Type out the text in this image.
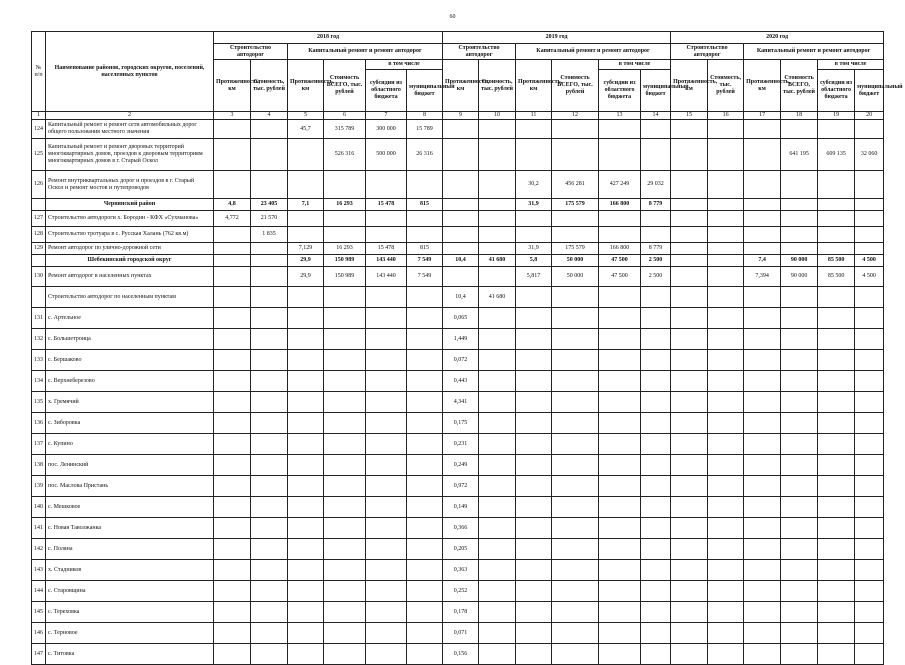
60
№ п/п	Наименование районов, городских округов, поселений, населенных пунктов	2018 год						2019 год						2020 год					
		Строительство автодорог		Капитальный ремонт и ремонт автодорог				Строительство автодорог		Капитальный ремонт и ремонт автодорог				Строительство автодорог		Капитальный ремонт и ремонт автодорог			
		Протяженность, км	Стоимость, тыс. рублей	Протяженность, км	Стоимость ВСЕГО, тыс. рублей	в том числе		Протяженность, км	Стоимость, тыс. рублей	Протяженность, км	Стоимость ВСЕГО, тыс. рублей	в том числе		Протяженность, км	Стоимость, тыс. рублей	Протяженность, км	Стоимость ВСЕГО, тыс. рублей	в том числе	
						субсидии из областного бюджета	муниципальный бюджет					субсидии из областного бюджета	муниципальный бюджет					субсидии из областного бюджета	муниципальный бюджет
1	2	3	4	5	6	7	8	9	10	11	12	13	14	15	16	17	18	19	20
124	Капитальный ремонт и ремонт сети автомобильных дорог общего пользования местного значения			45,7	315 789	300 000	15 789												
125	Капитальный ремонт и ремонт дворовых территорий многоквартирных домов, проездов к дворовым территориям многоквартирных домов в г. Старый Оскол				526 316	500 000	26 316										641 195	609 135	32 060
126	Ремонт внутриквартальных дорог и проездов в г. Старый Оскол и ремонт мостов и путепроводов									30,2	456 281	427 249	29 032						
	Чернянский район	4,8	23 405	7,1	16 293	15 478	815			31,9	175 579	166 800	8 779						
127	Строительство автодороги х. Бородин - КФХ «Сухманова»	4,772	21 570																
128	Строительство тротуара в с. Русская Халань (762 кв.м)		1 835																
129	Ремонт автодорог по улично-дорожной сети			7,129	16 293	15 478	815			31,9	175 579	166 800	8 779						
	Шебекинский городской округ			29,9	150 989	143 440	7 549	10,4	41 680	5,8	50 000	47 500	2 500			7,4	90 000	85 500	4 500
130	Ремонт автодорог в населенных пунктах			29,9	150 989	143 440	7 549			5,817	50 000	47 500	2 500			7,394	90 000	85 500	4 500
	Строительство автодорог по населенным пунктам							10,4	41 680										
131	с. Артельное							0,065											
132	с. Большетроица							1,449											
133	с. Бершаково							0,072											
134	с. Верхнеберезово							0,443											
135	х. Гремячий							4,341											
136	с. Зиборовка							0,175											
137	с. Купино							0,231											
138	пос. Ленинский							0,249											
139	пос. Маслова Пристань							0,972											
140	с. Мешковое							0,149											
141	с. Новая Таволжанка							0,366											
142	с. Поляна							0,205											
143	х. Стадников							0,363											
144	с. Старовщина							0,252											
145	с. Тереховка							0,178											
146	с. Терновое							0,071											
147	с. Титовка							0,156											
